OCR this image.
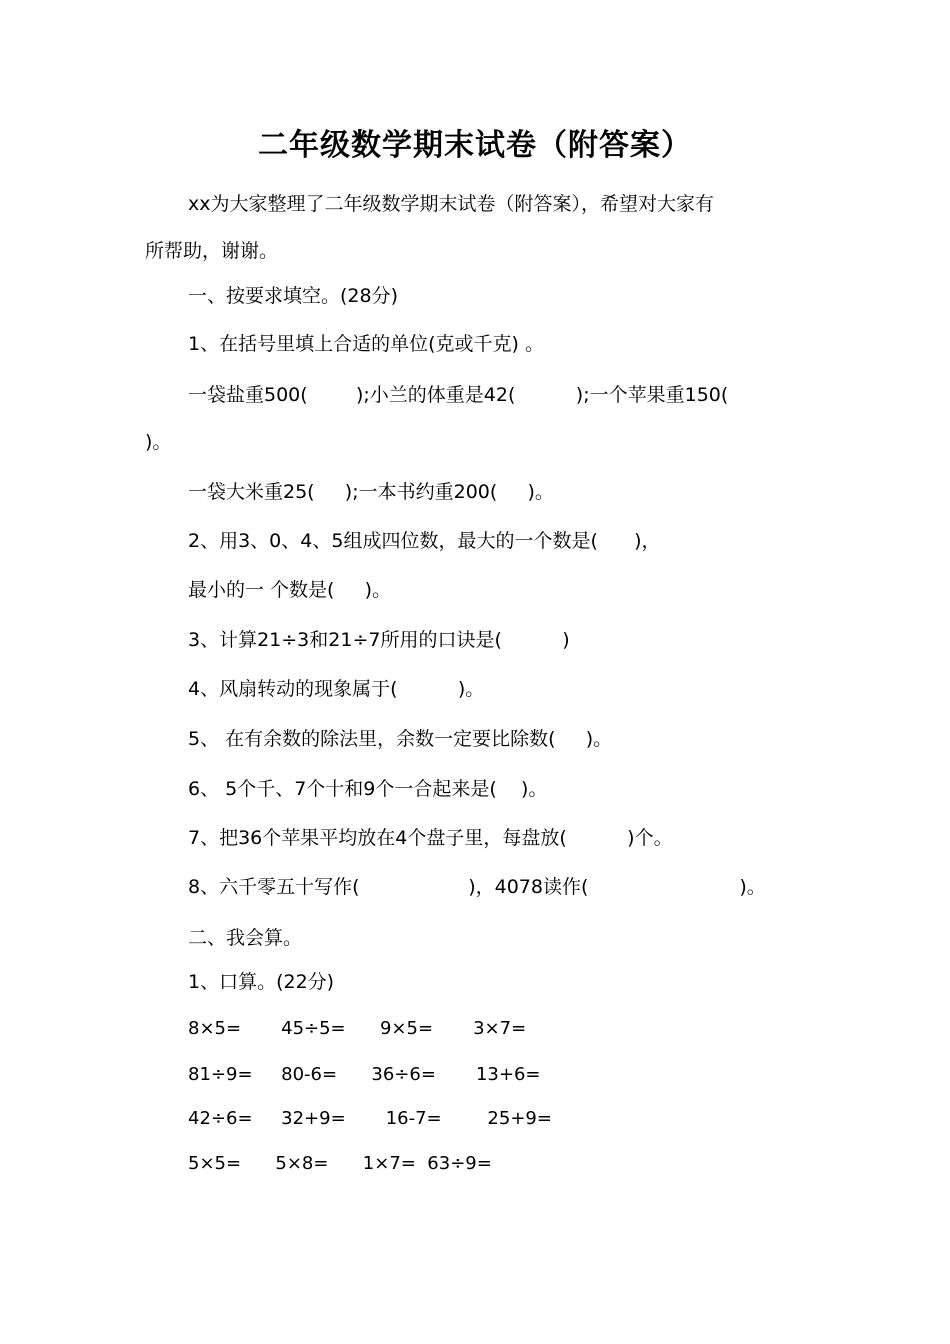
二年级数学期末试卷（附答案）
xx为大家整理了二年级数学期末试卷（附答案），希望对大家有
所帮助，谢谢。
一、按要求填空。(28分)
1、在括号里填上合适的单位(克或千克) 。
一袋盐重500(        );小兰的体重是42(          );一个苹果重150(
)。
一袋大米重25(     );一本书约重200(     )。
2、用3、0、4、5组成四位数，最大的一个数是(      )，
最小的一 个数是(     )。
3、计算21÷3和21÷7所用的口诀是(          )
4、风扇转动的现象属于(          )。
5、 在有余数的除法里，余数一定要比除数(     )。
6、 5个千、7个十和9个一合起来是(    )。
7、把36个苹果平均放在4个盘子里，每盘放(          )个。
8、六千零五十写作(                  )，4078读作(                         )。
二、我会算。
1、口算。(22分)
8×5=       45÷5=      9×5=       3×7=
81÷9=     80-6=      36÷6=       13+6=
42÷6=     32+9=       16-7=        25+9=
5×5=      5×8=      1×7=  63÷9=
